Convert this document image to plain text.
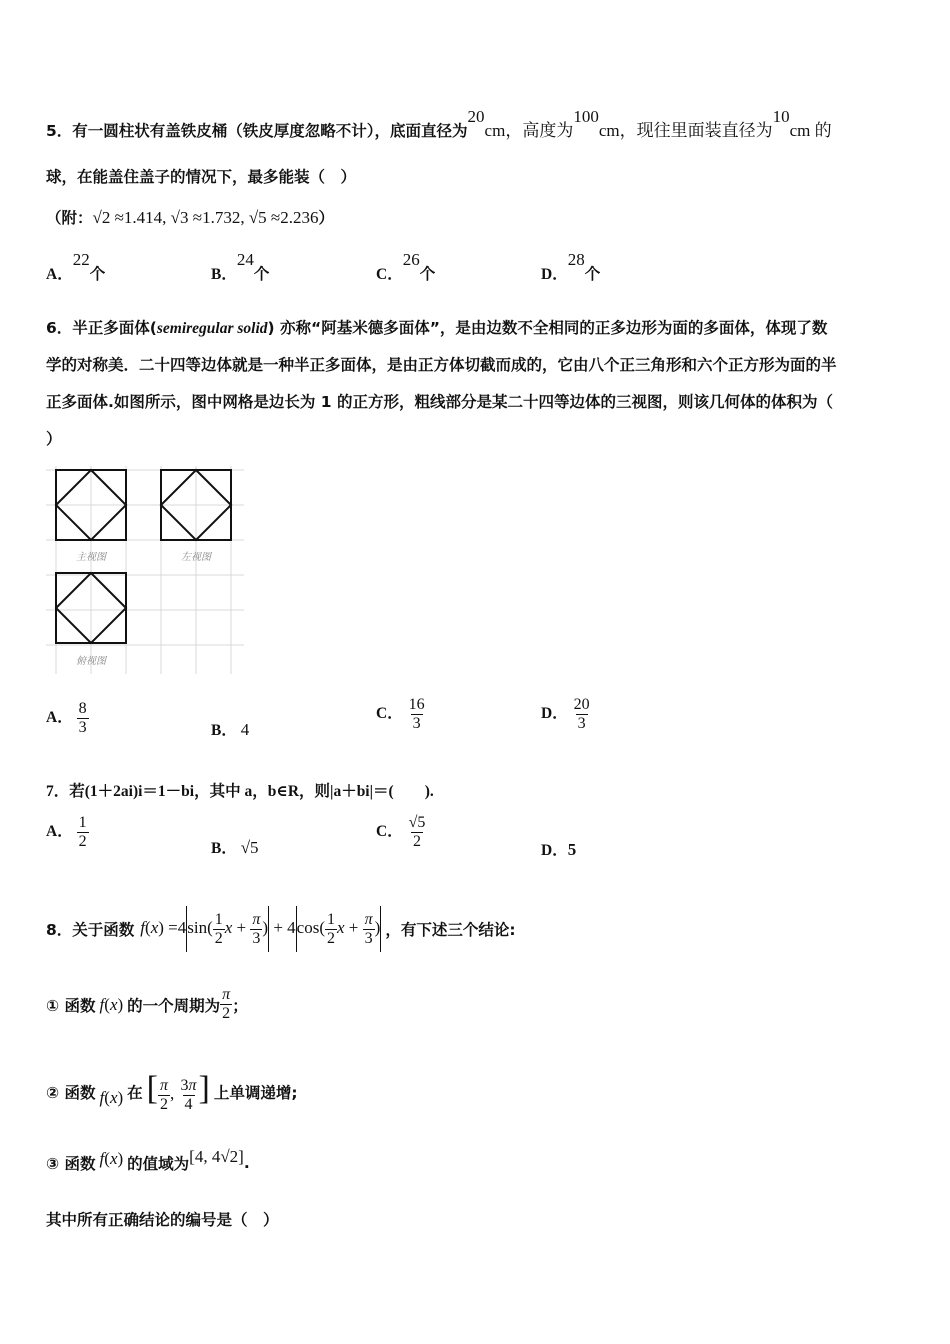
5．有一圆柱状有盖铁皮桶（铁皮厚度忽略不计），底面直径为20cm，高度为100cm，现往里面装直径为10cm 的
球，在能盖住盖子的情况下，最多能装（　）
（附：√2 ≈1.414, √3 ≈1.732, √5 ≈2.236）
A．22个	B．24个	C．26个	D．28个
6．半正多面体(semiregular solid) 亦称“阿基米德多面体”，是由边数不全相同的正多边形为面的多面体，体现了数
学的对称美．二十四等边体就是一种半正多面体，是由正方体切截而成的，它由八个正三角形和六个正方形为面的半
正多面体.如图所示，图中网格是边长为 1 的正方形，粗线部分是某二十四等边体的三视图，则该几何体的体积为（
）
主视图	左视图
俯视图
A． $\frac{8}{3}$	B． 4
C． $\frac{16}{3}$	D． $\frac{20}{3}$
7．若(1＋2ai)i＝1－bi，其中 a，b∈R，则|a＋bi|＝(　　).
A． $\frac{1}{2}$	B． √5
C． $\frac{√5}{2}$	D．5
8．关于函数 $f(x) =4\sin( \frac{1}{2}$ $x + \frac{\pi}{3}$ ) + $4\cos( \frac{1}{2}$ $x + \frac{\pi}{3}$ ) ，有下述三个结论:
① 函数 f(x) 的一个周期为 $\frac{\pi}{2}$ ；
② 函数 f(x) 在 [ $\frac{\pi}{2}$ , $\frac{3\pi}{4}$ ] 上单调递增;
③ 函数 f(x) 的值域为 [4, 4√2] .
其中所有正确结论的编号是（　）
